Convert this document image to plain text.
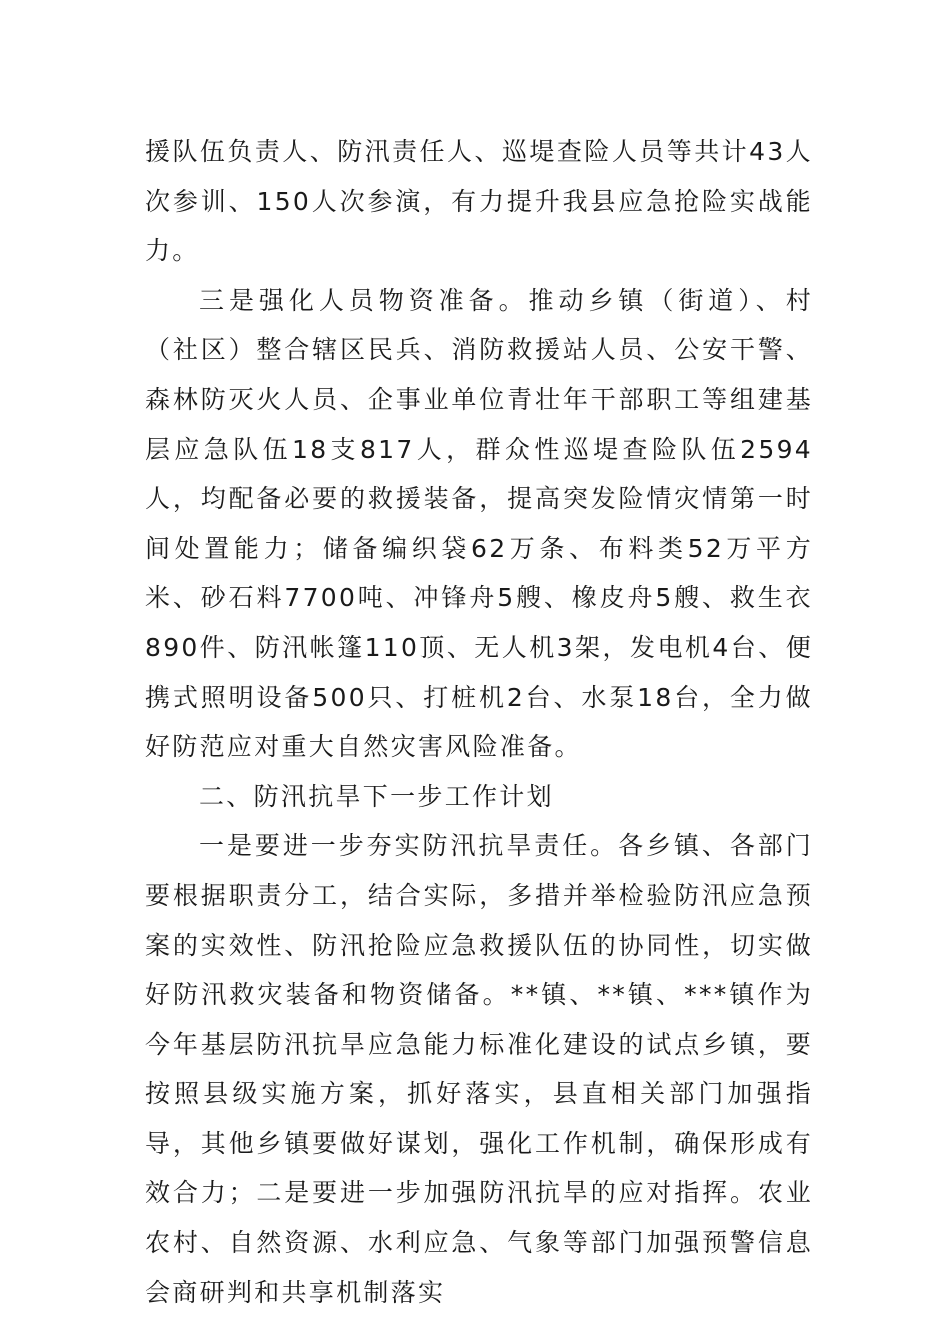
援队伍负责人、防汛责任人、巡堤查险人员等共计43人次参训、150人次参演，有力提升我县应急抢险实战能力。

三是强化人员物资准备。推动乡镇（街道）、村（社区）整合辖区民兵、消防救援站人员、公安干警、森林防灭火人员、企事业单位青壮年干部职工等组建基层应急队伍18支817人，群众性巡堤查险队伍2594人，均配备必要的救援装备，提高突发险情灾情第一时间处置能力；储备编织袋62万条、布料类52万平方米、砂石料7700吨、冲锋舟5艘、橡皮舟5艘、救生衣890件、防汛帐篷110顶、无人机3架，发电机4台、便携式照明设备500只、打桩机2台、水泵18台，全力做好防范应对重大自然灾害风险准备。

二、防汛抗旱下一步工作计划

一是要进一步夯实防汛抗旱责任。各乡镇、各部门要根据职责分工，结合实际，多措并举检验防汛应急预案的实效性、防汛抢险应急救援队伍的协同性，切实做好防汛救灾装备和物资储备。**镇、**镇、***镇作为今年基层防汛抗旱应急能力标准化建设的试点乡镇，要按照县级实施方案，抓好落实，县直相关部门加强指导，其他乡镇要做好谋划，强化工作机制，确保形成有效合力；二是要进一步加强防汛抗旱的应对指挥。农业农村、自然资源、水利应急、气象等部门加强预警信息会商研判和共享机制落实
